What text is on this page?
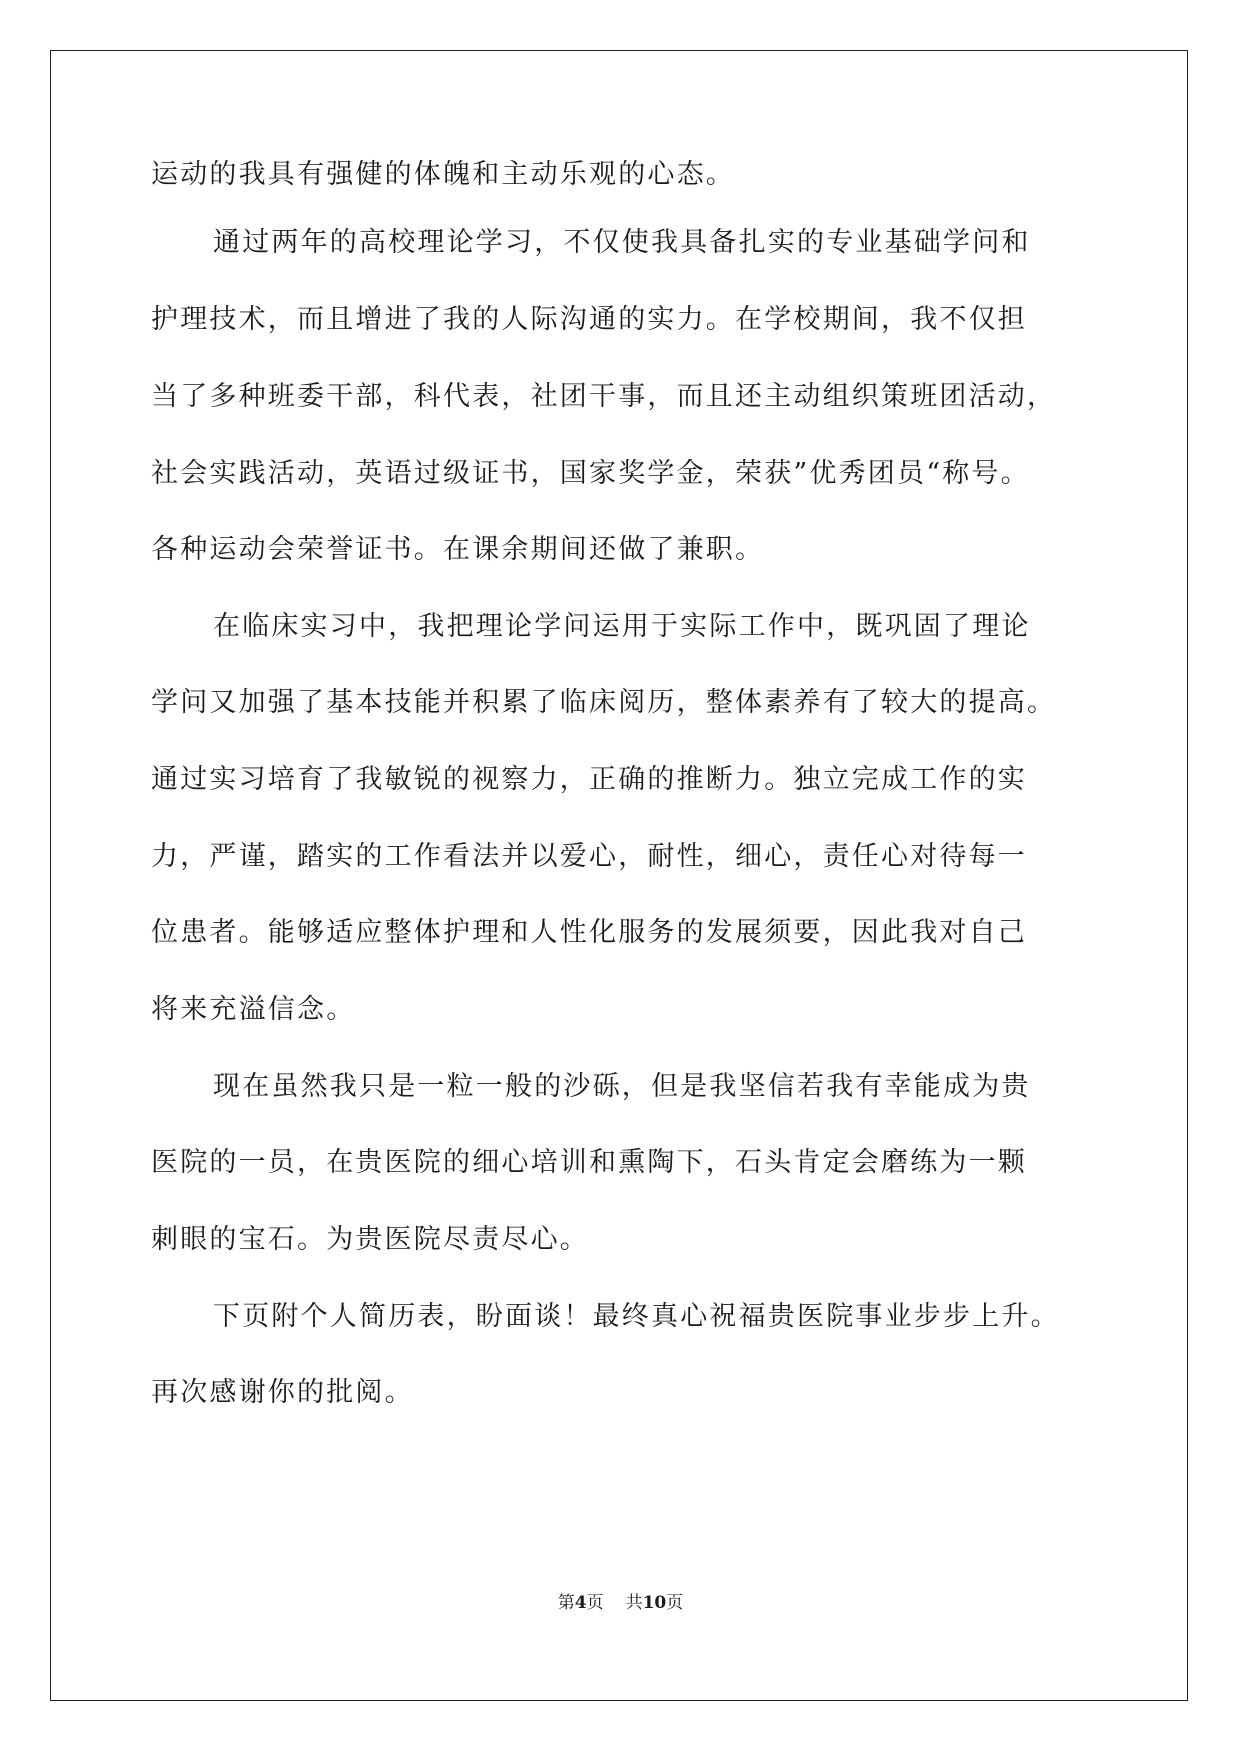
运动的我具有强健的体魄和主动乐观的心态。
通过两年的高校理论学习，不仅使我具备扎实的专业基础学问和
护理技术，而且增进了我的人际沟通的实力。在学校期间，我不仅担
当了多种班委干部，科代表，社团干事，而且还主动组织策班团活动，
社会实践活动，英语过级证书，国家奖学金，荣获”优秀团员“称号。
各种运动会荣誉证书。在课余期间还做了兼职。
在临床实习中，我把理论学问运用于实际工作中，既巩固了理论
学问又加强了基本技能并积累了临床阅历，整体素养有了较大的提高。
通过实习培育了我敏锐的视察力，正确的推断力。独立完成工作的实
力，严谨，踏实的工作看法并以爱心，耐性，细心，责任心对待每一
位患者。能够适应整体护理和人性化服务的发展须要，因此我对自己
将来充溢信念。
现在虽然我只是一粒一般的沙砾，但是我坚信若我有幸能成为贵
医院的一员，在贵医院的细心培训和熏陶下，石头肯定会磨练为一颗
刺眼的宝石。为贵医院尽责尽心。
下页附个人简历表，盼面谈！最终真心祝福贵医院事业步步上升。
再次感谢你的批阅。
第4页 共10页
